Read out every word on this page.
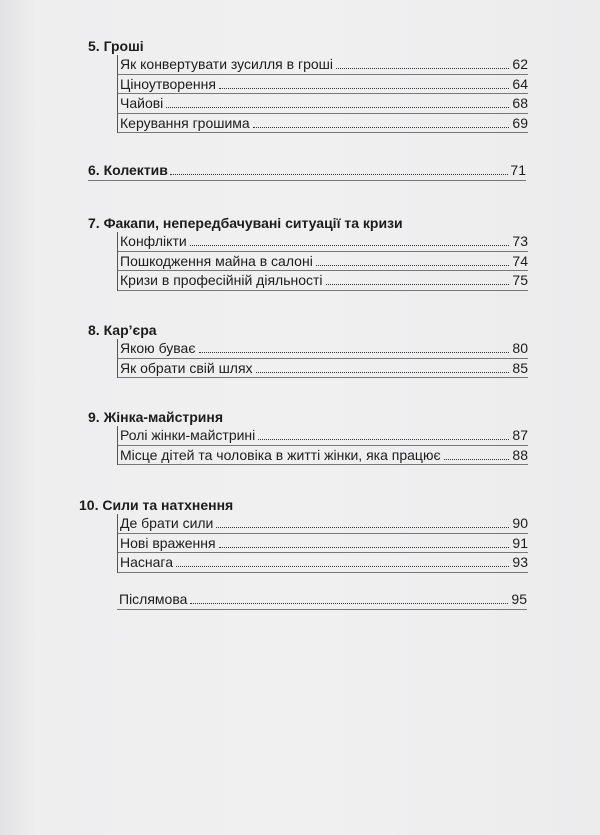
5. Гроші
Як конвертувати зусилля в гроші	62
Ціноутворення	64
Чайові	68
Керування грошима	69
6. Колектив	71
7. Факапи, непередбачувані ситуації та кризи
Конфлікти	73
Пошкодження майна в салоні	74
Кризи в професійній діяльності	75
8. Кар’єра
Якою буває	80
Як обрати свій шлях	85
9. Жінка-майстриня
Ролі жінки-майстрині	87
Місце дітей та чоловіка в житті жінки, яка працює	88
10. Сили та натхнення
Де брати сили	90
Нові враження	91
Наснага	93
Післямова	95
